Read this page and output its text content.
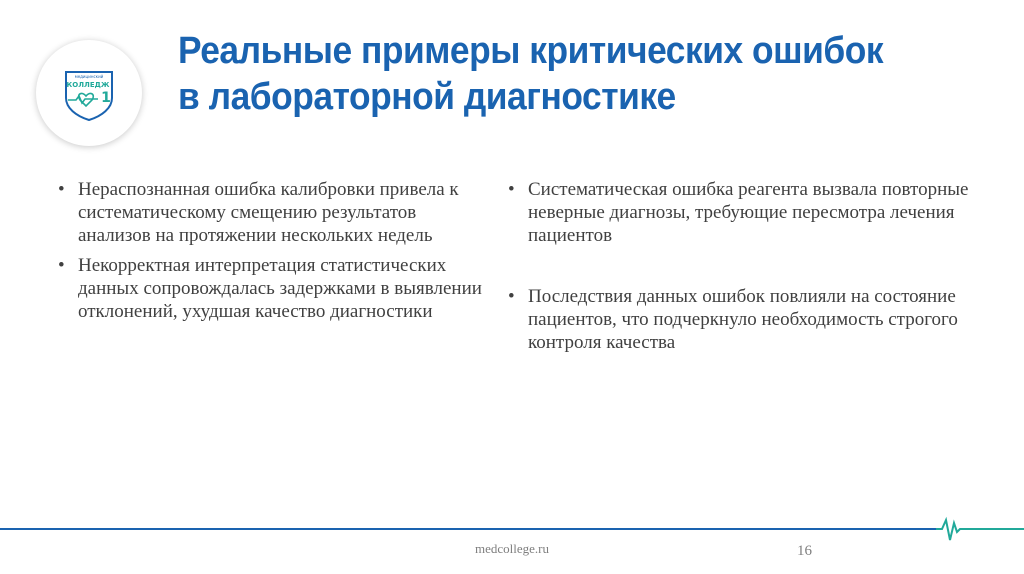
медицинский
КОЛЛЕДЖ
1
Реальные примеры критических ошибок
в лабораторной диагностике
• Нераспознанная ошибка калибровки привела к систематическому смещению результатов анализов на протяжении нескольких недель
• Некорректная интерпретация статистических данных сопровождалась задержками в выявлении отклонений, ухудшая качество диагностики
• Систематическая ошибка реагента вызвала повторные неверные диагнозы, требующие пересмотра лечения пациентов
• Последствия данных ошибок повлияли на состояние пациентов, что подчеркнуло необходимость строгого контроля качества
medcollege.ru	16
